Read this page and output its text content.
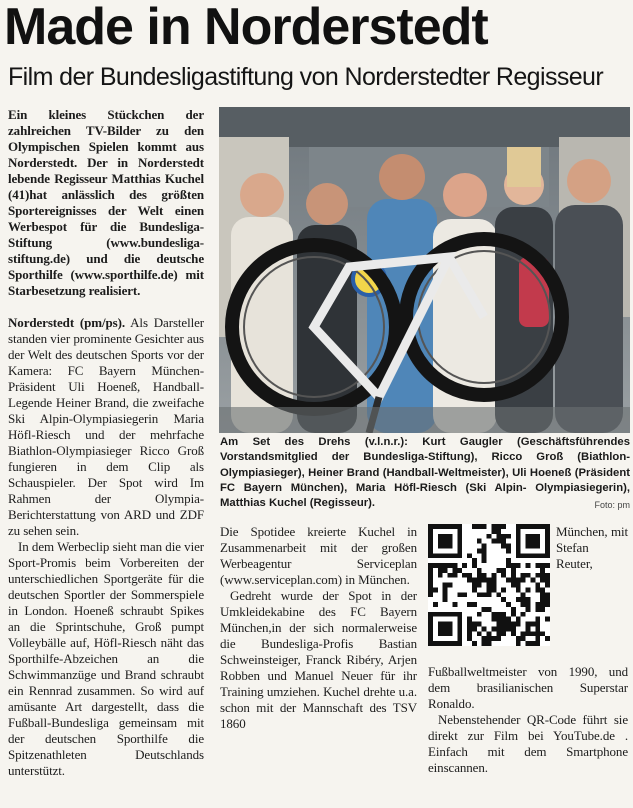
Made in Norderstedt
Film der Bundesligastiftung von Norderstedter Regisseur

Ein kleines Stückchen der zahlreichen TV-Bilder zu den Olympischen Spielen kommt aus Norderstedt. Der in Norderstedt lebende Regisseur Matthias Kuchel (41)hat anlässlich des größten Sportereignisses der Welt einen Werbespot für die Bundesliga-Stiftung (www.bundesliga-stiftung.de) und die deutsche Sporthilfe (www.sporthilfe.de) mit Starbesetzung realisiert.

Norderstedt (pm/ps). Als Darsteller standen vier prominente Gesichter aus der Welt des deutschen Sports vor der Kamera: FC Bayern München-Präsident Uli Hoeneß, Handball-Legende Heiner Brand, die zweifache Ski Alpin-Olympiasiegerin Maria Höfl-Riesch und der mehrfache Biathlon-Olympiasieger Ricco Groß fungieren in dem Clip als Schauspieler. Der Spot wird Im Rahmen der Olympia-Berichterstattung von ARD und ZDF zu sehen sein.

In dem Werbeclip sieht man die vier Sport-Promis beim Vorbereiten der unterschiedlichen Sportgeräte für die deutschen Sportler der Sommerspiele in London. Hoeneß schraubt Spikes an die Sprintschuhe, Groß pumpt Volleybälle auf, Höfl-Riesch näht das Sporthilfe-Abzeichen an die Schwimmanzüge und Brand schraubt ein Rennrad zusammen. So wird auf amüsante Art dargestellt, dass die Fußball-Bundesliga gemeinsam mit der deutschen Sporthilfe die Spitzenathleten Deutschlands unterstützt.

Am Set des Drehs (v.l.n.r.): Kurt Gaugler (Geschäftsführendes Vorstandsmitglied der Bundesliga-Stiftung), Ricco Groß (Biathlon-Olympiasieger), Heiner Brand (Handball-Weltmeister), Uli Hoeneß (Präsident FC Bayern München), Maria Höfl-Riesch (Ski Alpin- Olympiasiegerin), Matthias Kuchel (Regisseur).	Foto: pm

Die Spotidee kreierte Kuchel in Zusammenarbeit mit der großen Werbeagentur Serviceplan (www.serviceplan.com) in München.

Gedreht wurde der Spot in der Umkleidekabine des FC Bayern München,in der sich normalerweise die Bundesliga-Profis Bastian Schweinsteiger, Franck Ribéry, Arjen Robben und Manuel Neuer für ihr Training umziehen. Kuchel drehte u.a. schon mit der Mannschaft des TSV 1860

München, mit Stefan Reuter, Fußballweltmeister von 1990, und dem brasilianischen Superstar Ronaldo.

Nebenstehender QR-Code führt sie direkt zur Film bei YouTube.de . Einfach mit dem Smartphone einscannen.
